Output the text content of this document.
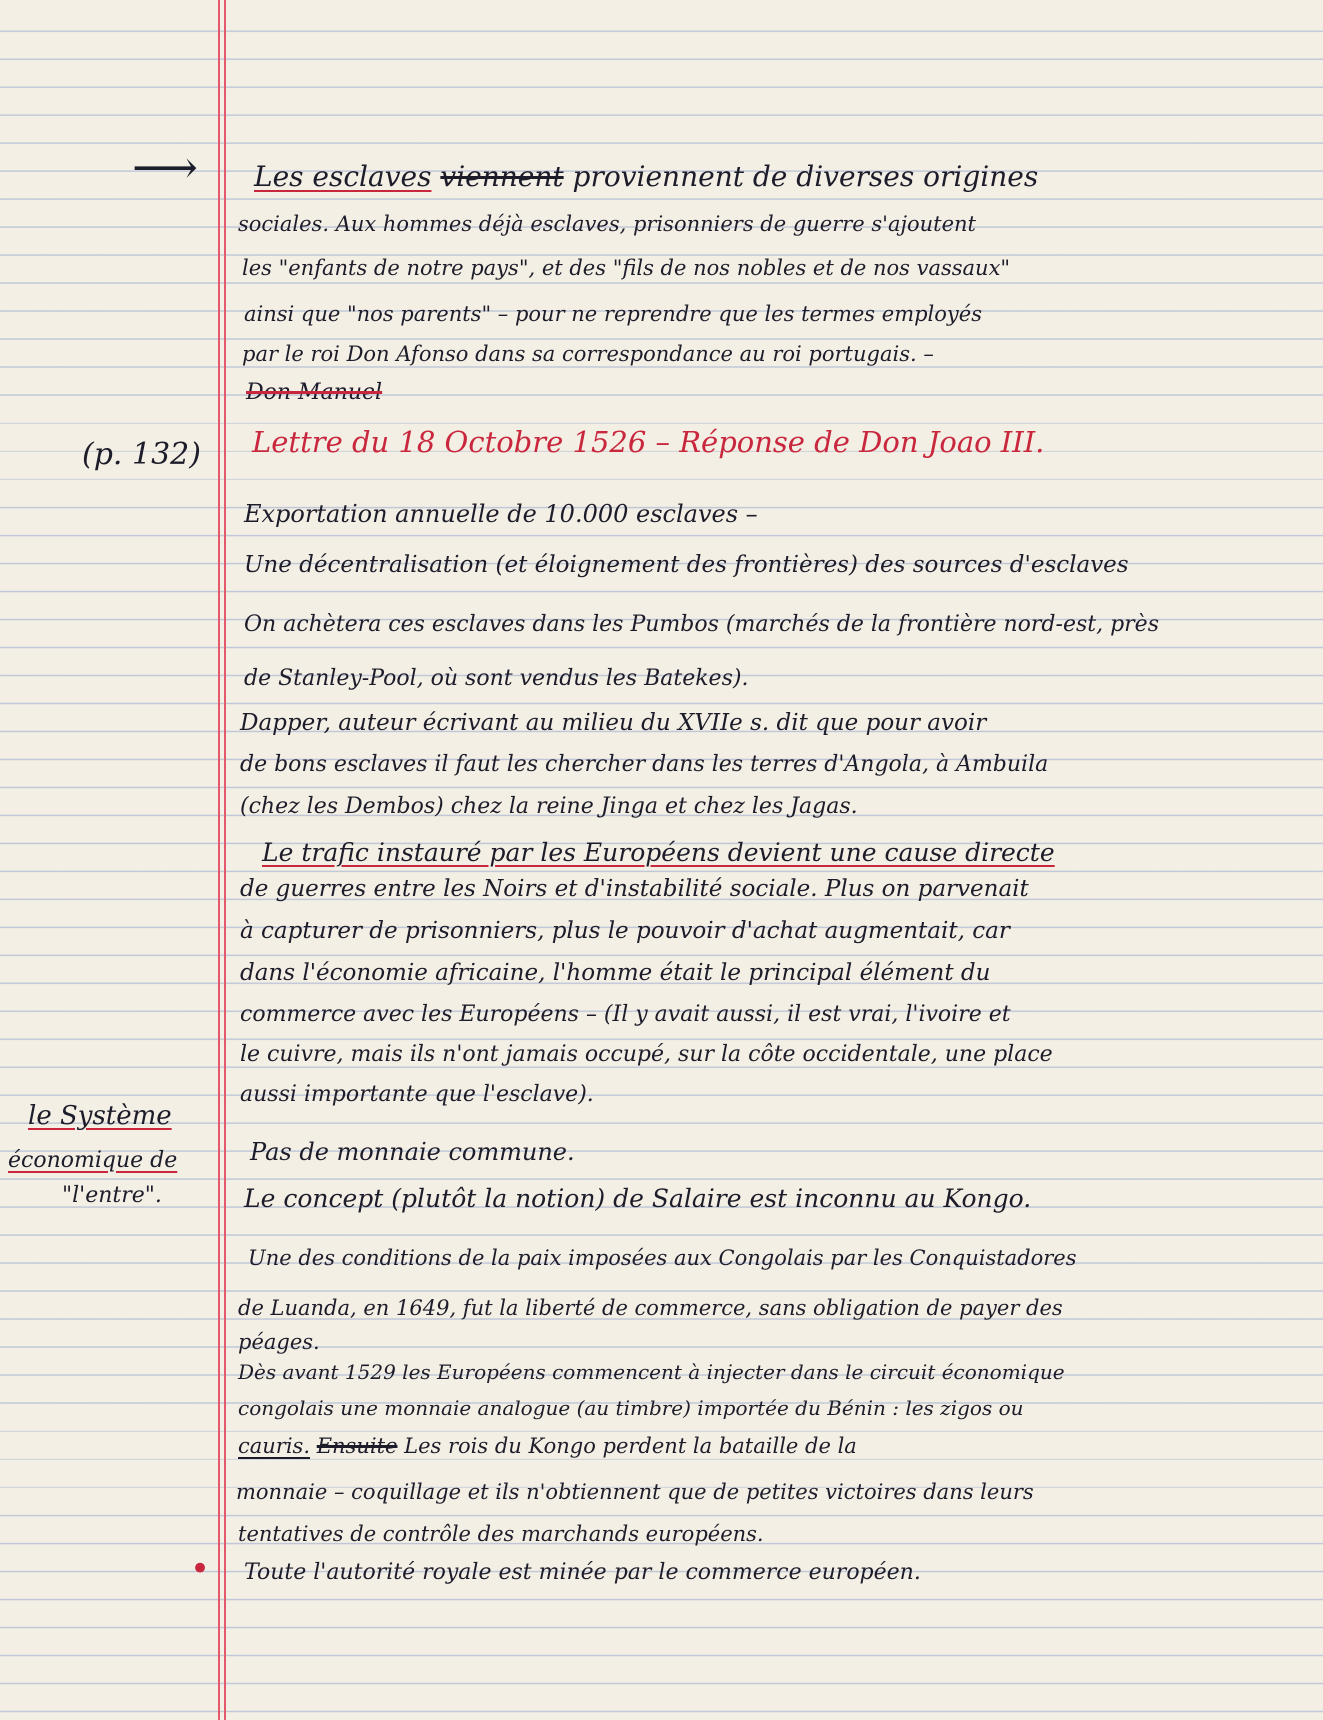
⟶

(p. 132)

le Système

économique de

"l'entre".

Les esclaves viennent proviennent de diverses origines

sociales. Aux hommes déjà esclaves, prisonniers de guerre s'ajoutent

les "enfants de notre pays", et des "fils de nos nobles et de nos vassaux"

ainsi que "nos parents" – pour ne reprendre que les termes employés

par le roi Don Afonso dans sa correspondance au roi portugais. –

Don Manuel

Lettre du 18 Octobre 1526 – Réponse de Don Joao III.

Exportation annuelle de 10.000 esclaves –

Une décentralisation (et éloignement des frontières) des sources d'esclaves

On achètera ces esclaves dans les Pumbos (marchés de la frontière nord-est, près

de Stanley-Pool, où sont vendus les Batekes).

Dapper, auteur écrivant au milieu du XVIIe s. dit que pour avoir

de bons esclaves il faut les chercher dans les terres d'Angola, à Ambuila

(chez les Dembos) chez la reine Jinga et chez les Jagas.

Le trafic instauré par les Européens devient une cause directe

de guerres entre les Noirs et d'instabilité sociale. Plus on parvenait

à capturer de prisonniers, plus le pouvoir d'achat augmentait, car

dans l'économie africaine, l'homme était le principal élément du

commerce avec les Européens – (Il y avait aussi, il est vrai, l'ivoire et

le cuivre, mais ils n'ont jamais occupé, sur la côte occidentale, une place

aussi importante que l'esclave).

Pas de monnaie commune.

Le concept (plutôt la notion) de Salaire est inconnu au Kongo.

Une des conditions de la paix imposées aux Congolais par les Conquistadores

de Luanda, en 1649, fut la liberté de commerce, sans obligation de payer des

péages.

Dès avant 1529 les Européens commencent à injecter dans le circuit économique

congolais une monnaie analogue (au timbre) importée du Bénin : les zigos ou

cauris. Ensuite Les rois du Kongo perdent la bataille de la

monnaie – coquillage et ils n'obtiennent que de petites victoires dans leurs

tentatives de contrôle des marchands européens.

• Toute l'autorité royale est minée par le commerce européen.
